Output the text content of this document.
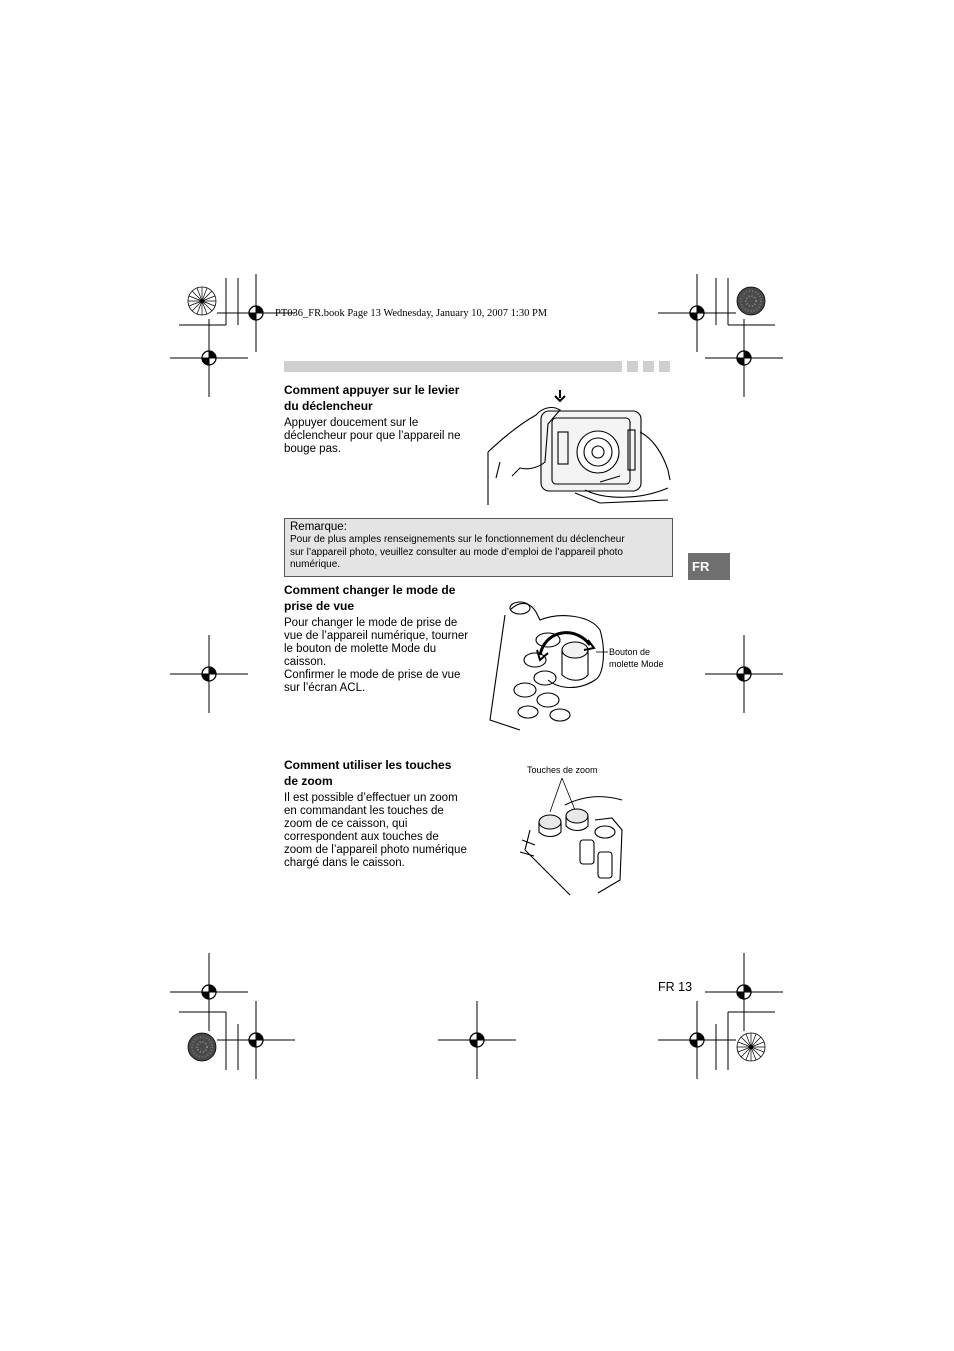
PT036_FR.book Page 13 Wednesday, January 10, 2007 1:30 PM
Comment appuyer sur le levier
du déclencheur

Appuyer doucement sur le
déclencheur pour que l’appareil ne
bouge pas.

Remarque:
Pour de plus amples renseignements sur le fonctionnement du déclencheur
sur l’appareil photo, veuillez consulter au mode d’emploi de l’appareil photo
numérique.	FR
Comment changer le mode de
prise de vue

Pour changer le mode de prise de
vue de l’appareil numérique, tourner
le bouton de molette Mode du
caisson.
Confirmer le mode de prise de vue
sur l’écran ACL.

Bouton de
molette Mode
Comment utiliser les touches
de zoom

Il est possible d’effectuer un zoom
en commandant les touches de
zoom de ce caisson, qui
correspondent aux touches de
zoom de l’appareil photo numérique
chargé dans le caisson.

Touches de zoom
FR 13
